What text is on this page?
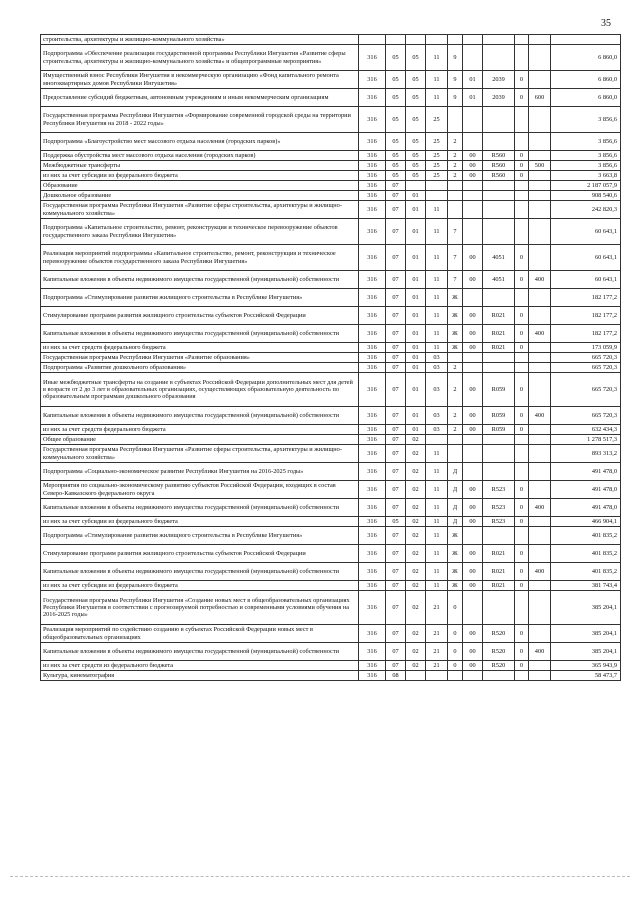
35
строительства, архитектуры и жилищно-коммунального хозяйства»										
Подпрограмма «Обеспечение реализации государственной программы Республики Ингушетия «Развитие сферы строительства, архитектуры и жилищно-коммунального хозяйства» и общепрограммные мероприятия»	316	05	05	11	9					6 860,0
Имущественный взнос Республики Ингушетия в некоммерческую организацию «Фонд капитального ремонта многоквартирных домов Республики Ингушетия»	316	05	05	11	9	01	2039	0		6 860,0
Предоставление субсидий бюджетным, автономным учреждениям и иным некоммерческим организациям	316	05	05	11	9	01	2039	0	600	6 860,0
Государственная программа Республики Ингушетия «Формирование современной городской среды на территории Республики Ингушетия на 2018 - 2022 годы»	316	05	05	25						3 856,6
Подпрограмма «Благоустройство мест массового отдыха населения (городских парков)»	316	05	05	25	2					3 856,6
Поддержка обустройства мест массового отдыха населения (городских парков)	316	05	05	25	2	00	R560	0		3 856,6
Межбюджетные трансферты	316	05	05	25	2	00	R560	0	500	3 856,6
из них за счет субсидии из федерального бюджета	316	05	05	25	2	00	R560	0		3 663,8
Образование	316	07								2 187 057,9
Дошкольное образование	316	07	01							908 540,6
Государственная программа Республики Ингушетия «Развитие сферы строительства, архитектуры и жилищно-коммунального хозяйства»	316	07	01	11						242 820,3
Подпрограмма «Капитальное строительство, ремонт, реконструкция и техническое перевооружение объектов государственного заказа Республики Ингушетия»	316	07	01	11	7					60 643,1
Реализация мероприятий подпрограммы «Капитальное строительство, ремонт, реконструкция и техническое перевооружение объектов государственного заказа Республики Ингушетия»	316	07	01	11	7	00	4051	0		60 643,1
Капитальные вложения в объекты недвижимого имущества государственной (муниципальной) собственности	316	07	01	11	7	00	4051	0	400	60 643,1
Подпрограмма «Стимулирование развития жилищного строительства в Республике Ингушетия»	316	07	01	11	Ж					182 177,2
Стимулирование программ развития жилищного строительства субъектов Российской Федерации	316	07	01	11	Ж	00	R021	0		182 177,2
Капитальные вложения в объекты недвижимого имущества государственной (муниципальной) собственности	316	07	01	11	Ж	00	R021	0	400	182 177,2
из них за счет средств федерального бюджета	316	07	01	11	Ж	00	R021	0		173 059,9
Государственная программа Республики Ингушетия «Развитие образования»	316	07	01	03						665 720,3
Подпрограмма «Развитие дошкольного образования»	316	07	01	03	2					665 720,3
Иные межбюджетные трансферты на создание в субъектах Российской Федерации дополнительных мест для детей в возрасте от 2 до 3 лет в образовательных организациях, осуществляющих образовательную деятельность по образовательным программам дошкольного образования	316	07	01	03	2	00	R059	0		665 720,3
Капитальные вложения в объекты недвижимого имущества государственной (муниципальной) собственности	316	07	01	03	2	00	R059	0	400	665 720,3
из них за счет средств федерального бюджета	316	07	01	03	2	00	R059	0		632 434,3
Общее образование	316	07	02							1 278 517,3
Государственная программа Республики Ингушетия «Развитие сферы строительства, архитектуры и жилищно-коммунального хозяйства»	316	07	02	11						893 313,2
Подпрограмма «Социально-экономическое развитие Республики Ингушетия на 2016-2025 годы»	316	07	02	11	Д					491 478,0
Мероприятия по социально-экономическому развитию субъектов Российской Федерации, входящих в состав Северо-Кавказского федерального округа	316	07	02	11	Д	00	R523	0		491 478,0
Капитальные вложения в объекты недвижимого имущества государственной (муниципальной) собственности	316	07	02	11	Д	00	R523	0	400	491 478,0
из них за счет субсидии из федерального бюджета	316	05	02	11	Д	00	R523	0		466 904,1
Подпрограмма «Стимулирование развития жилищного строительства в Республике Ингушетия»	316	07	02	11	Ж					401 835,2
Стимулирование программ развития жилищного строительства субъектов Российской Федерации	316	07	02	11	Ж	00	R021	0		401 835,2
Капитальные вложения в объекты недвижимого имущества государственной (муниципальной) собственности	316	07	02	11	Ж	00	R021	0	400	401 835,2
из них за счет субсидии из федерального бюджета	316	07	02	11	Ж	00	R021	0		381 743,4
Государственная программа Республики Ингушетия «Создание новых мест в общеобразовательных организациях Республики Ингушетия в соответствии с прогнозируемой потребностью и современными условиями обучения на 2016-2025 годы»	316	07	02	21	0					385 204,1
Реализация мероприятий по содействию созданию в субъектах Российской Федерации новых мест в общеобразовательных организациях	316	07	02	21	0	00	R520	0		385 204,1
Капитальные вложения в объекты недвижимого имущества государственной (муниципальной) собственности	316	07	02	21	0	00	R520	0	400	385 204,1
из них за счет средств из федерального бюджета	316	07	02	21	0	00	R520	0		365 943,9
Культура, кинематография	316	08								58 473,7
